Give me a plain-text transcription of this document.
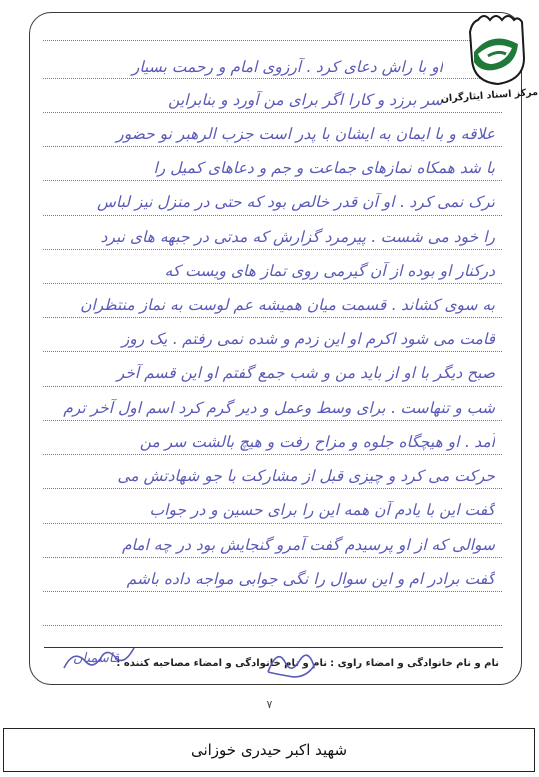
او با راش دعای کرد . آرزوی امام و رحمت بسیار
سر برزد و کارا اگر برای من آورد و بنابراین
علاقه و با ایمان به ایشان با پدر است جزب الرهبر نو حضور
با شد همکاه نمازهای جماعت و جم و دعاهای کمیل را
ترک نمی کرد . او آن قدر خالص بود که حتی در منزل نیز لباس
را خود می شست . پیرمرد گزارش که مدتی در جبهه های نبرد
درکنار او بوده از آن گیرمی روی تماز های ویست که
به سوی کشاند . قسمت میان همیشه عم لوست به نماز منتظران
قامت می شود اکرم او این زدم و شده نمی رفتم . یک روز
صبح دیگر با او از باید من و شب جمع گفتم او این قسم آخر
شب و تنهاست . برای وسط وعمل و دیر گرم کرد اسم اول آخر ترم
آمد . او هیچگاه جلوه و مزاح رفت و هیچ بالشت سر من
حرکت می کرد و چیزی قبل از مشارکت با جو شهادتش می
گفت این با یادم آن همه این را برای حسین و در جواب
سوالی که از او پرسیدم گفت آمرو گنجایش بود در چه امام
گفت برادر ام و این سوال را نگی جوابی مواجه داده باشم
مرکز اسناد ایثارگران
نام و نام خانوادگی و امضاء راوی :
نام و نام خانوادگی و امضاء مصاحبه کننده :
قاسمیان
۷
شهید اکبر حیدری خوزانی
